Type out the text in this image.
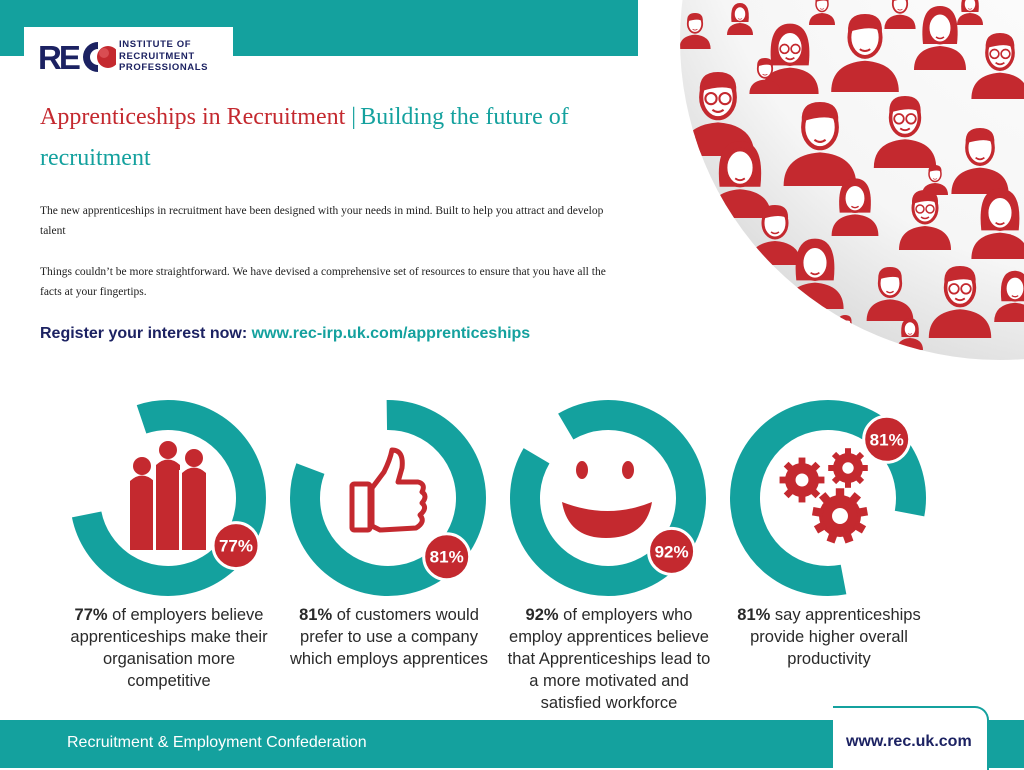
RE	INSTITUTE OF
RECRUITMENT
PROFESSIONALS
Apprenticeships in Recruitment | Building the future of recruitment

The new apprenticeships in recruitment have been designed with your needs in mind. Built to help you attract and develop talent

Things couldn’t be more straightforward. We have devised a comprehensive set of resources to ensure that you have all the facts at your fingertips.

Register your interest now: www.rec-irp.uk.com/apprenticeships
77%
81%	92%
81%
77% of employers believe apprenticeships make their organisation more competitive
81% of customers would prefer to use a company which employs apprentices
92% of employers who employ apprentices believe that Apprenticeships lead to a more motivated and satisfied workforce
81% say apprenticeships provide higher overall productivity
Recruitment & Employment Confederation	www.rec.uk.com
